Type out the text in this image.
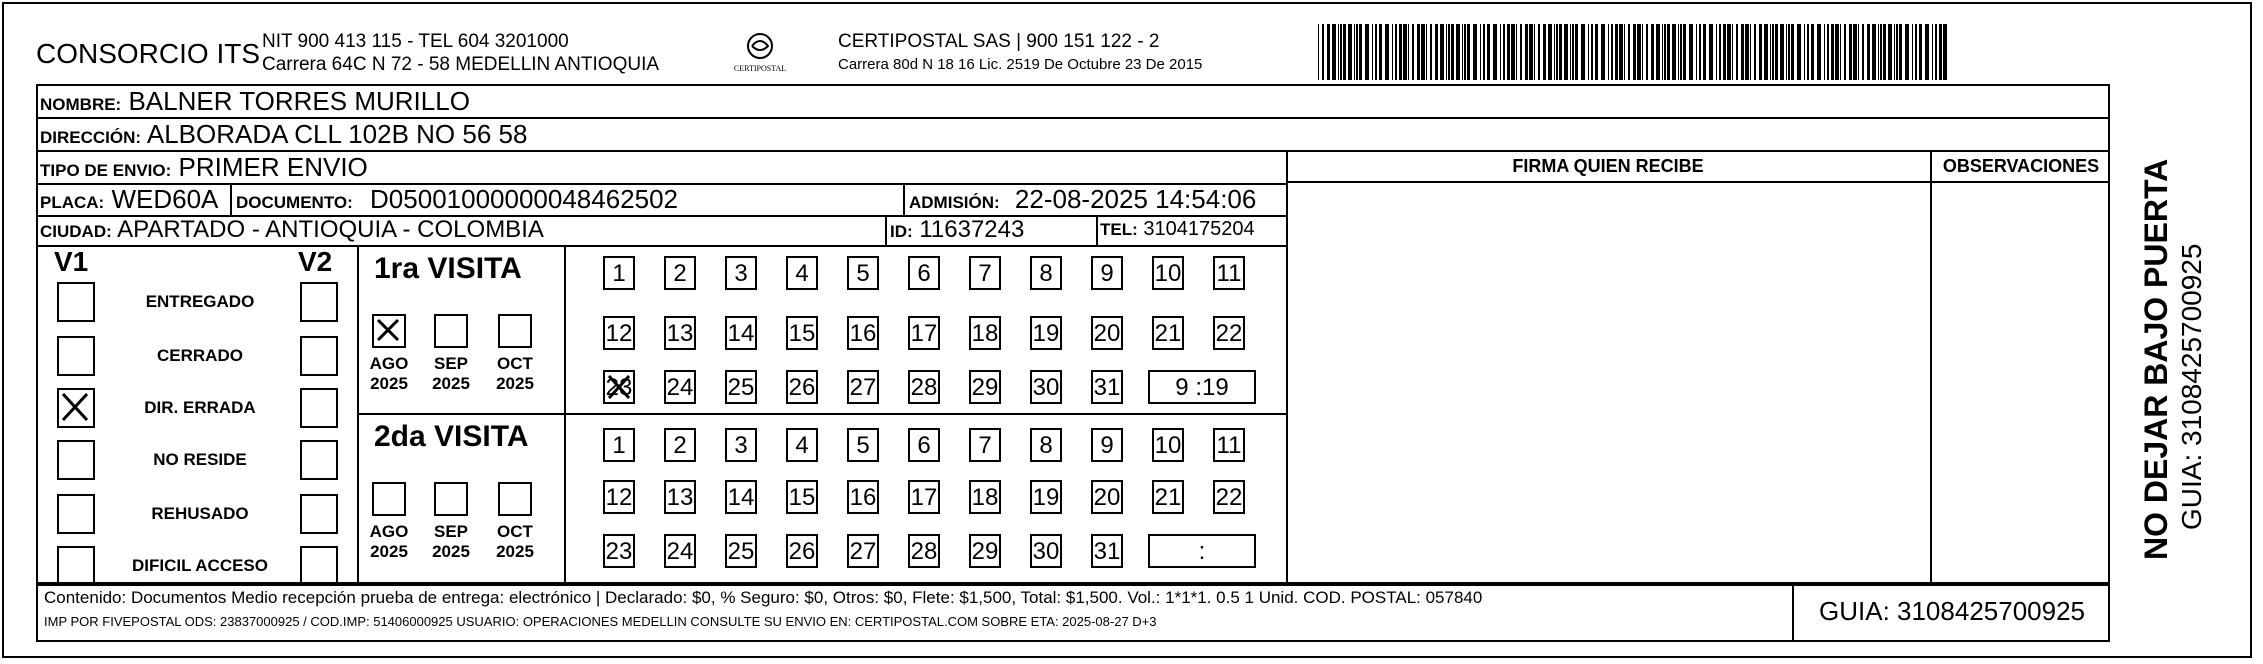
CONSORCIO ITS NIT 900 413 115 - TEL 604 3201000
Carrera 64C N 72 - 58 MEDELLIN ANTIOQUIA	CERTIPOSTAL
CERTIPOSTAL SAS | 900 151 122 - 2
Carrera 80d N 18 16 Lic. 2519 De Octubre 23 De 2015
NOMBRE: BALNER TORRES MURILLO
DIRECCIÓN: ALBORADA CLL 102B NO 56 58
TIPO DE ENVIO: PRIMER ENVIO	FIRMA QUIEN RECIBE	OBSERVACIONES
PLACA: WED60A DOCUMENTO: D05001000000048462502	ADMISIÓN: 22-08-2025 14:54:06
CIUDAD: APARTADO - ANTIOQUIA - COLOMBIA	ID: 11637243	TEL: 3104175204
V1	V2 1ra VISITA
2da VISITA
Contenido: Documentos Medio recepción prueba de entrega: electrónico | Declarado: $0, % Seguro: $0, Otros: $0, Flete: $1,500, Total: $1,500. Vol.: 1*1*1. 0.5 1 Unid. COD. POSTAL: 057840
IMP POR FIVEPOSTAL ODS: 23837000925 / COD.IMP: 51406000925 USUARIO: OPERACIONES MEDELLIN CONSULTE SU ENVIO EN: CERTIPOSTAL.COM SOBRE ETA: 2025-08-27 D+3	GUIA: 3108425700925
NO DEJAR BAJO PUERTA GUIA: 3108425700925
ENTREGADO
CERRADO
DIR. ERRADA
NO RESIDE
REHUSADO
DIFICIL ACCESO
AGO
2025
SEP
2025
OCT
2025
AGO
2025
SEP
2025
OCT
2025
1	2	3	4	5	6	7	8	9	10 11
12 13 14 15 16 17 18 19 20 21 22
23 24 25 26 27 28 29 30 31	9 :19
1	2	3	4	5	6	7	8	9	10 11
12 13 14 15 16 17 18 19 20 21 22
23 24 25 26 27 28 29 30 31	:
